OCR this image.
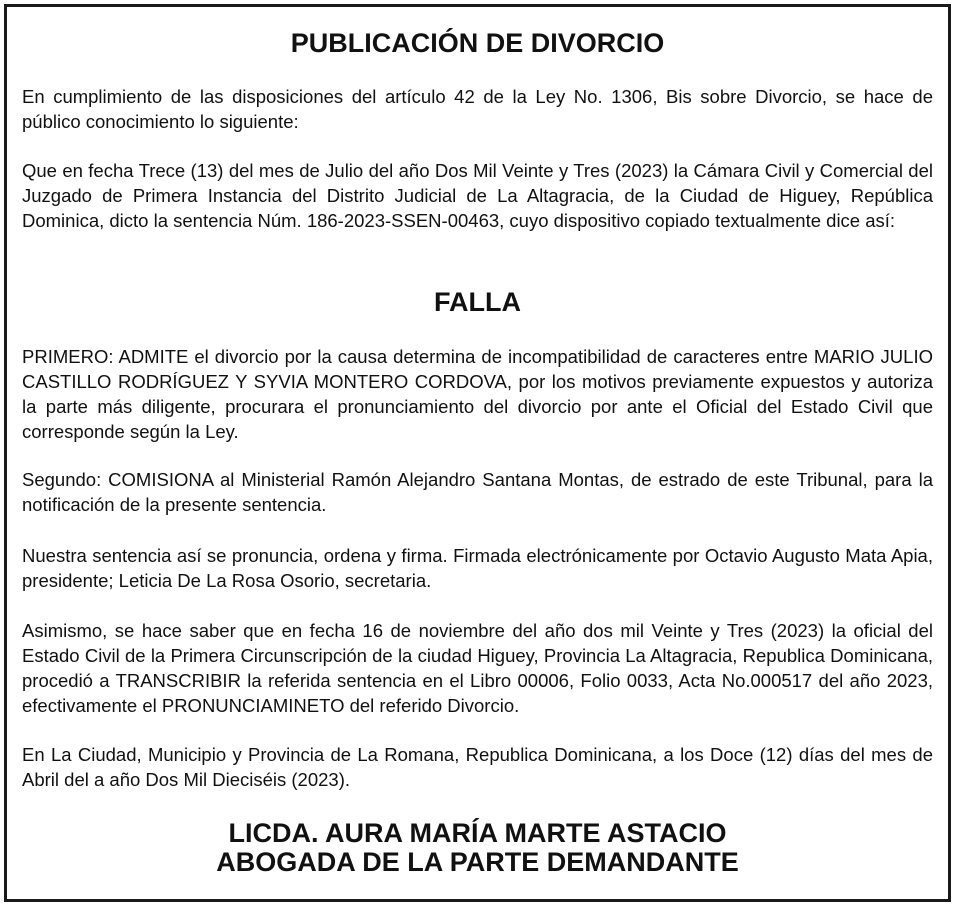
PUBLICACIÓN DE DIVORCIO

En cumplimiento de las disposiciones del artículo 42 de la Ley No. 1306, Bis sobre Divorcio, se hace de público conocimiento lo siguiente:

Que en fecha Trece (13) del mes de Julio del año Dos Mil Veinte y Tres (2023) la Cámara Civil y Comercial del Juzgado de Primera Instancia del Distrito Judicial de La Altagracia, de la Ciudad de Higuey, República Dominica, dicto la sentencia Núm. 186-2023-SSEN-00463, cuyo dispositivo copiado textualmente dice así:

FALLA

PRIMERO: ADMITE el divorcio por la causa determina de incompatibilidad de caracteres entre MARIO JULIO CASTILLO RODRÍGUEZ Y SYVIA MONTERO CORDOVA, por los motivos previamente expuestos y autoriza la parte más diligente, procurara el pronunciamiento del divorcio por ante el Oficial del Estado Civil que corresponde según la Ley.

Segundo: COMISIONA al Ministerial Ramón Alejandro Santana Montas, de estrado de este Tribunal, para la notificación de la presente sentencia.

Nuestra sentencia así se pronuncia, ordena y firma. Firmada electrónicamente por Octavio Augusto Mata Apia, presidente; Leticia De La Rosa Osorio, secretaria.

Asimismo, se hace saber que en fecha 16 de noviembre del año dos mil Veinte y Tres (2023) la oficial del Estado Civil de la Primera Circunscripción de la ciudad Higuey, Provincia La Altagracia, Republica Dominicana, procedió a TRANSCRIBIR la referida sentencia en el Libro 00006, Folio 0033, Acta No.000517 del año 2023, efectivamente el PRONUNCIAMINETO del referido Divorcio.

En La Ciudad, Municipio y Provincia de La Romana, Republica Dominicana, a los Doce (12) días del mes de Abril del a año Dos Mil Dieciséis (2023).

LICDA. AURA MARÍA MARTE ASTACIO
ABOGADA DE LA PARTE DEMANDANTE
